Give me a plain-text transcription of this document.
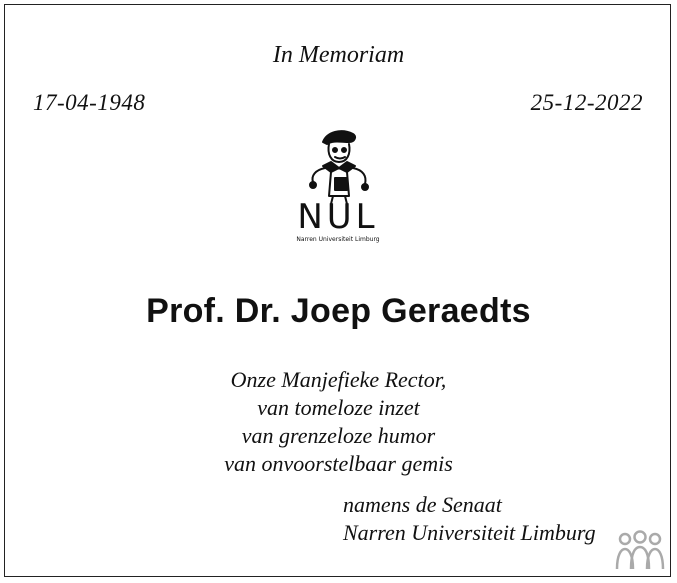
In Memoriam
17-04-1948	25-12-2022
NUL
Narren Universiteit Limburg
Prof. Dr. Joep Geraedts
Onze Manjefieke Rector,
van tomeloze inzet
van grenzeloze humor
van onvoorstelbaar gemis
namens de Senaat
Narren Universiteit Limburg
